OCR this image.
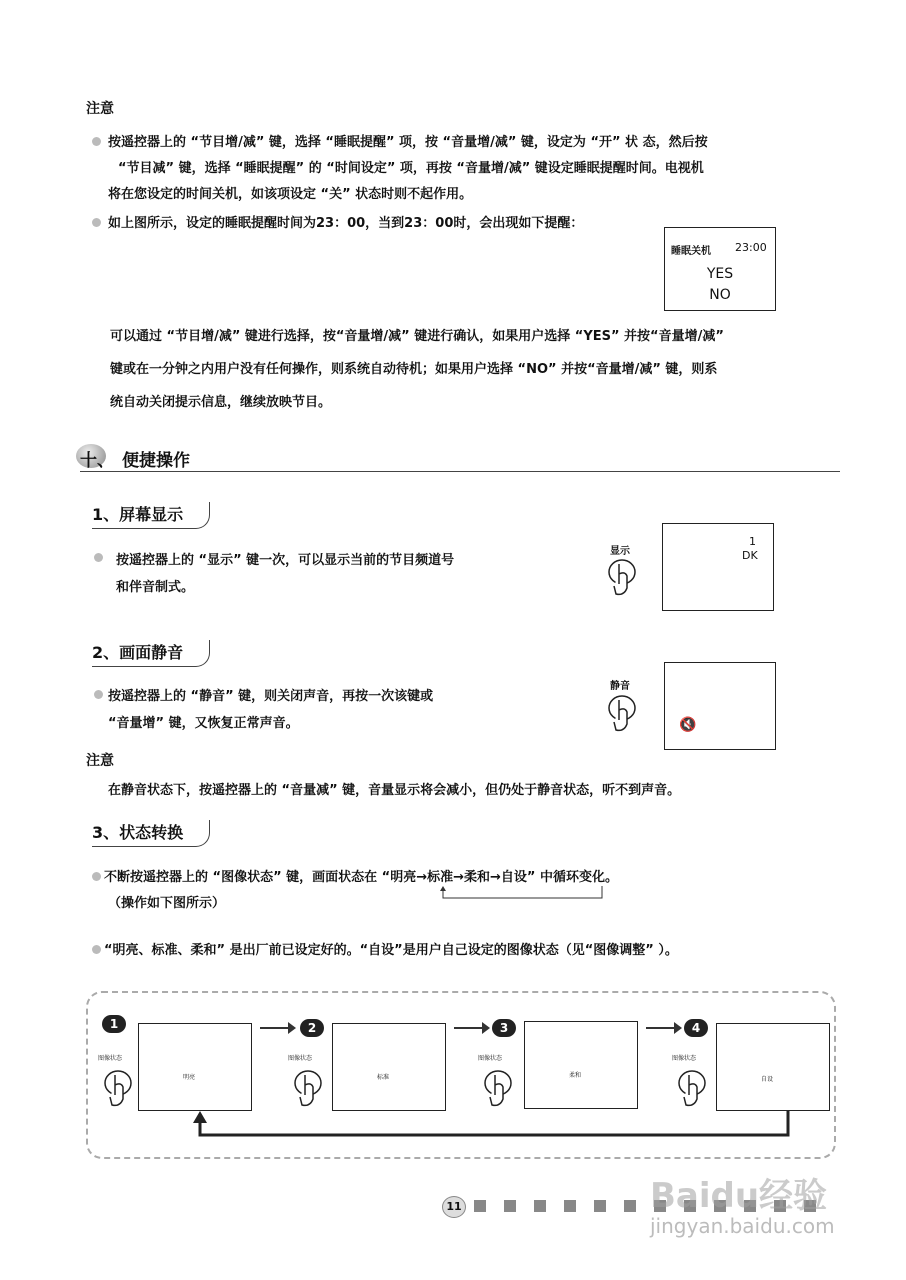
注意
按遥控器上的 “节目增/减” 键，选择 “睡眠提醒” 项，按 “音量增/减” 键，设定为 “开” 状 态，然后按
“节目减” 键，选择 “睡眠提醒” 的 “时间设定” 项，再按 “音量增/减” 键设定睡眠提醒时间。电视机
将在您设定的时间关机，如该项设定 “关” 状态时则不起作用。
如上图所示，设定的睡眠提醒时间为23：00，当到23：00时，会出现如下提醒：
睡眠关机 23:00
YES
NO
可以通过 “节目增/减” 键进行选择，按“音量增/减” 键进行确认，如果用户选择 “YES” 并按“音量增/减”
键或在一分钟之内用户没有任何操作，则系统自动待机；如果用户选择 “NO” 并按“音量增/减” 键，则系
统自动关闭提示信息，继续放映节目。
十、 便捷操作
1、屏幕显示
按遥控器上的 “显示” 键一次，可以显示当前的节目频道号
和伴音制式。
显示
1
DK
2、画面静音
按遥控器上的 “静音” 键，则关闭声音，再按一次该键或
“音量增” 键，又恢复正常声音。
静音
🔇
注意
在静音状态下，按遥控器上的 “音量减” 键，音量显示将会减小，但仍处于静音状态，听不到声音。
3、状态转换
不断按遥控器上的 “图像状态” 键，画面状态在 “明亮→标准→柔和→自设” 中循环变化。
（操作如下图所示）
“明亮、标准、柔和” 是出厂前已设定好的。“自设”是用户自己设定的图像状态（见“图像调整” ）。
1
图像状态
明亮
2
图像状态
标准
3
图像状态
柔和
4
图像状态
自设
11	Baidu经验
jingyan.baidu.com
